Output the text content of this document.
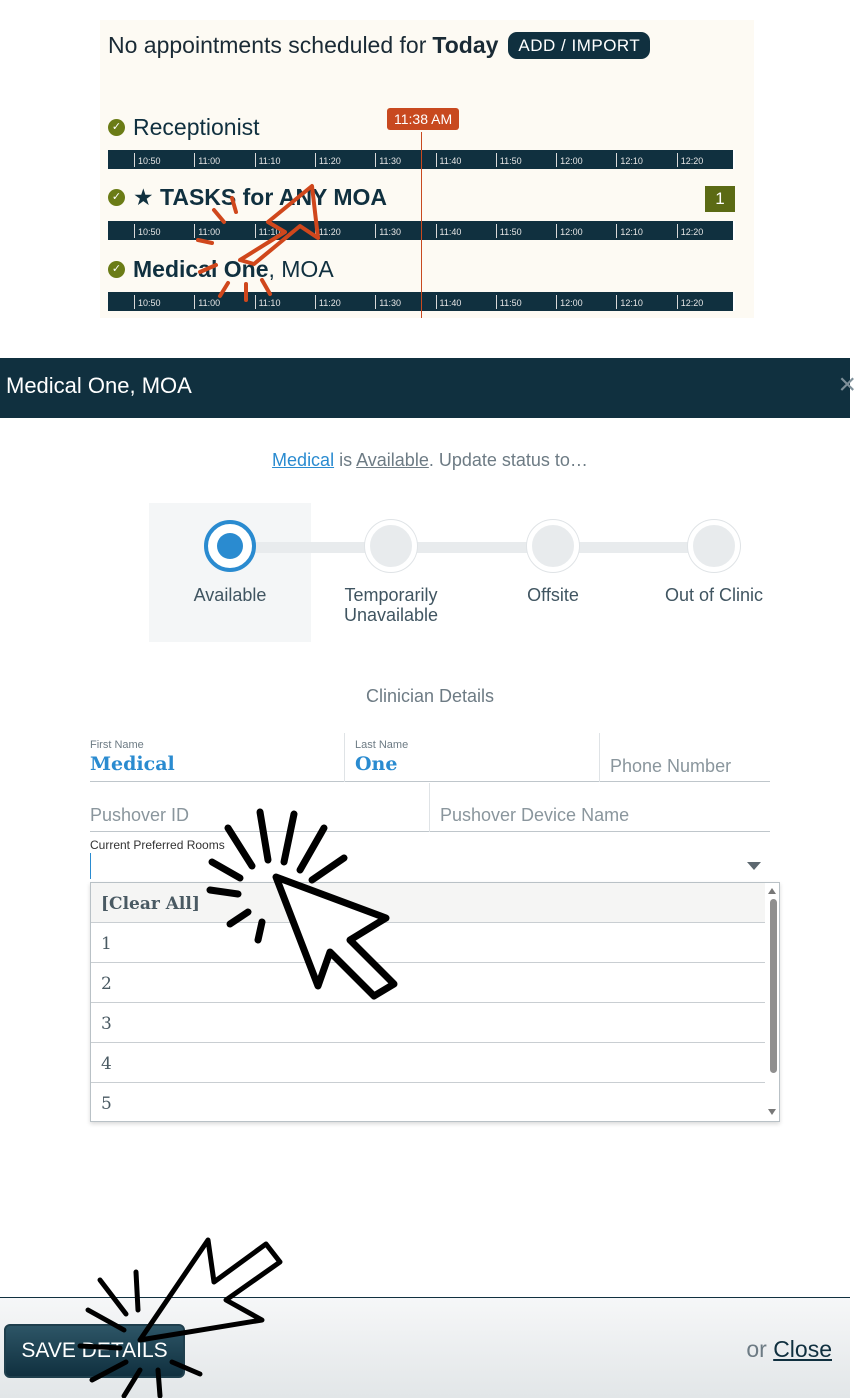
No appointments scheduled for Today	ADD / IMPORT
✓ Receptionist
10:50	11:00	11:10	11:20	11:30	11:40	11:50	12:00	12:10	12:20
✓ ★ TASKS for ANY MOA	1
10:50	11:00	11:10	11:20	11:30	11:40	11:50	12:00	12:10	12:20
✓ Medical One , MOA
10:50	11:00	11:10	11:20	11:30	11:40	11:50	12:00	12:10	12:20
11:38 AM
Medical One, MOA	×
Medical is Available. Update status to…
Available	Temporarily Unavailable
Offsite	Out of Clinic
Clinician Details
First Name
Medical
Last Name
One	Phone Number
Pushover ID	Pushover Device Name
Current Preferred Rooms
[Clear All]
1
2
3
4
5
SAVE DETAILS	or Close
